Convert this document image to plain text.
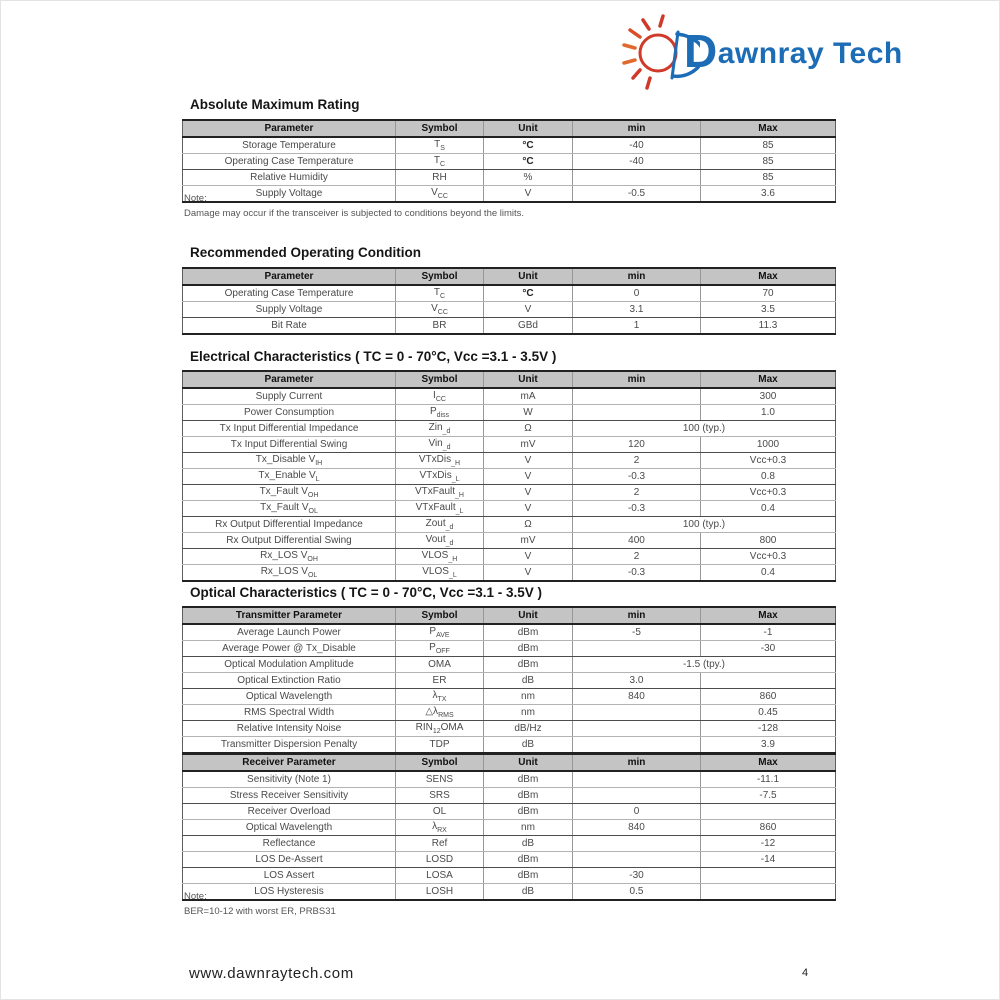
Dawnray Tech
Absolute Maximum Rating
Parameter	Symbol	Unit	min	Max
Storage Temperature	$T_S$	°C	-40	85
Operating Case Temperature	$T_C$	°C	-40	85
Relative Humidity	RH	%		85
Supply Voltage	$V_{CC}$	V	-0.5	3.6

Note:

Damage may occur if the transceiver is subjected to conditions beyond the limits.

Recommended Operating Condition
Parameter	Symbol	Unit	min	Max
Operating Case Temperature	$T_C$	°C	0	70
Supply Voltage	$V_{CC}$	V	3.1	3.5
Bit Rate	BR	GBd	1	11.3
Electrical Characteristics ( TC = 0 - 70°C, Vcc =3.1 - 3.5V )
Parameter	Symbol	Unit	min	Max
Supply Current	$I_{CC}$	mA		300
Power Consumption	$P_{diss}$	W		1.0
Tx Input Differential Impedance	Zin$_{\_d}$	Ω	100 (typ.)	
Tx Input Differential Swing	Vin$_{\_d}$	mV	120	1000
Tx_Disable $V_{IH}$	VTxDis$_{\_H}$	V	2	Vcc+0.3
Tx_Enable $V_L$	VTxDis$_{\_L}$	V	-0.3	0.8
Tx_Fault $V_{OH}$	VTxFault$_{\_H}$	V	2	Vcc+0.3
Tx_Fault $V_{OL}$	VTxFault$_{\_L}$	V	-0.3	0.4
Rx Output Differential Impedance	Zout$_{\_d}$	Ω	100 (typ.)	
Rx Output Differential Swing	Vout$_{\_d}$	mV	400	800
Rx_LOS $V_{OH}$	$VLOS_{\_H}$	V	2	Vcc+0.3
Rx_LOS $V_{OL}$	$VLOS_{\_L}$	V	-0.3	0.4
Optical Characteristics ( TC = 0 - 70°C, Vcc =3.1 - 3.5V )
Transmitter Parameter	Symbol	Unit	min	Max
Average Launch Power	$P_{AVE}$	dBm	-5	-1
Average Power @ Tx_Disable	$P_{OFF}$	dBm		-30
Optical Modulation Amplitude	OMA	dBm	-1.5 (tpy.)	
Optical Extinction Ratio	ER	dB	3.0	
Optical Wavelength	$\lambda_{TX}$	nm	840	860
RMS Spectral Width	$\triangle\lambda_{RMS}$	nm		0.45
Relative Intensity Noise	$RIN_{12}OMA$	dB/Hz		-128
Transmitter Dispersion Penalty	TDP	dB		3.9
Receiver Parameter	Symbol	Unit	min	Max
Sensitivity (Note 1)	SENS	dBm		-11.1
Stress Receiver Sensitivity	SRS	dBm		-7.5
Receiver Overload	OL	dBm	0	
Optical Wavelength	$\lambda_{RX}$	nm	840	860
Reflectance	Ref	dB		-12
LOS De-Assert	LOSD	dBm		-14
LOS Assert	LOSA	dBm	-30	
LOS Hysteresis	LOSH	dB	0.5	

Note:

BER=10-12 with worst ER, PRBS31

www.dawnraytech.com	4
